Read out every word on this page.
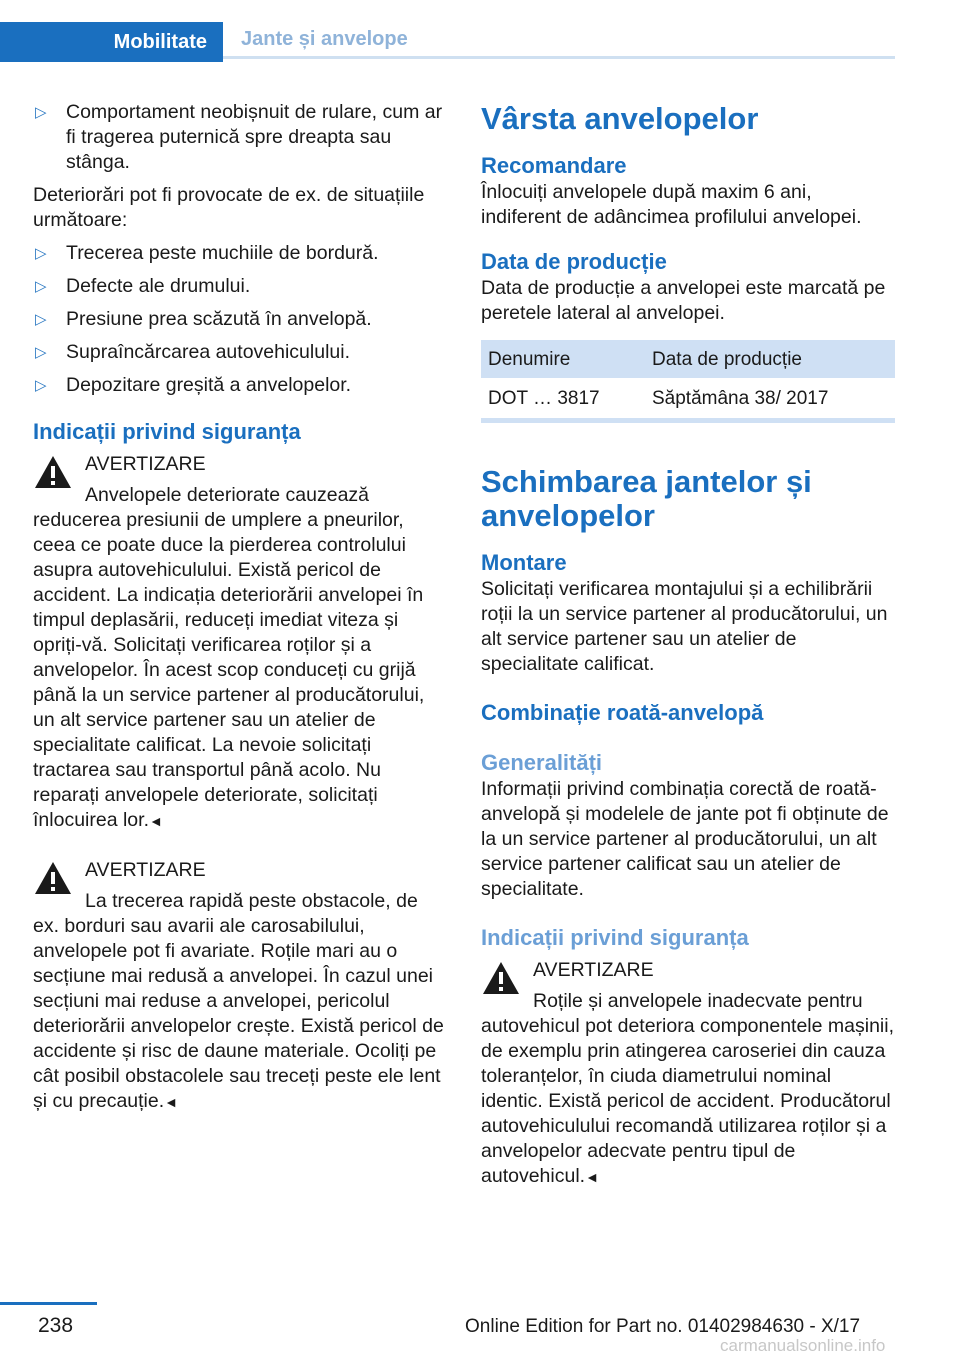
Mobilitate	Jante și anvelope
▷ Comportament neobișnuit de rulare, cum ar fi tragerea puternică spre dreapta sau stânga.

Deteriorări pot fi provocate de ex. de situațiile următoare:

▷ Trecerea peste muchiile de bordură.
▷ Defecte ale drumului.
▷ Presiune prea scăzută în anvelopă.
▷ Supraîncărcarea autovehiculului.
▷ Depozitare greșită a anvelopelor.
Indicații privind siguranța

AVERTIZARE

Anvelopele deteriorate cauzează reducerea presiunii de umplere a pneurilor, ceea ce poate duce la pierderea controlului asupra autovehiculului. Există pericol de accident. La indicația deteriorării anvelopei în timpul deplasării, reduceți imediat viteza și opriți-vă. Solicitați verificarea roților și a anvelopelor. În acest scop conduceți cu grijă până la un service partener al producătorului, un alt service partener sau un atelier de specialitate calificat. La nevoie solicitați tractarea sau transportul până acolo. Nu reparați anvelopele deteriorate, solicitați înlocuirea lor.◄

AVERTIZARE

La trecerea rapidă peste obstacole, de ex. borduri sau avarii ale carosabilului, anvelopele pot fi avariate. Roțile mari au o secțiune mai redusă a anvelopei. În cazul unei secțiuni mai reduse a anvelopei, pericolul deteriorării anvelopelor crește. Există pericol de accidente și risc de daune materiale. Ocoliți pe cât posibil obstacolele sau treceți peste ele lent și cu precauție.◄

Vârsta anvelopelor
Recomandare

Înlocuiți anvelopele după maxim 6 ani, indiferent de adâncimea profilului anvelopei.

Data de producție

Data de producție a anvelopei este marcată pe peretele lateral al anvelopei.

Denumire	Data de producție
DOT … 3817	Săptămâna 38/ 2017
Schimbarea jantelor și anvelopelor
Montare

Solicitați verificarea montajului și a echilibrării roții la un service partener al producătorului, un alt service partener sau un atelier de specialitate calificat.

Combinație roată-anvelopă
Generalități

Informații privind combinația corectă de roată-anvelopă și modelele de jante pot fi obținute de la un service partener al producătorului, un alt service partener calificat sau un atelier de specialitate.

Indicații privind siguranța

AVERTIZARE

Roțile și anvelopele inadecvate pentru autovehicul pot deteriora componentele mașinii, de exemplu prin atingerea caroseriei din cauza toleranțelor, în ciuda diametrului nominal identic. Există pericol de accident. Producătorul autovehiculului recomandă utilizarea roților și a anvelopelor adecvate pentru tipul de autovehicul.◄

238	Online Edition for Part no. 01402984630 - X/17
carmanualsonline.info
